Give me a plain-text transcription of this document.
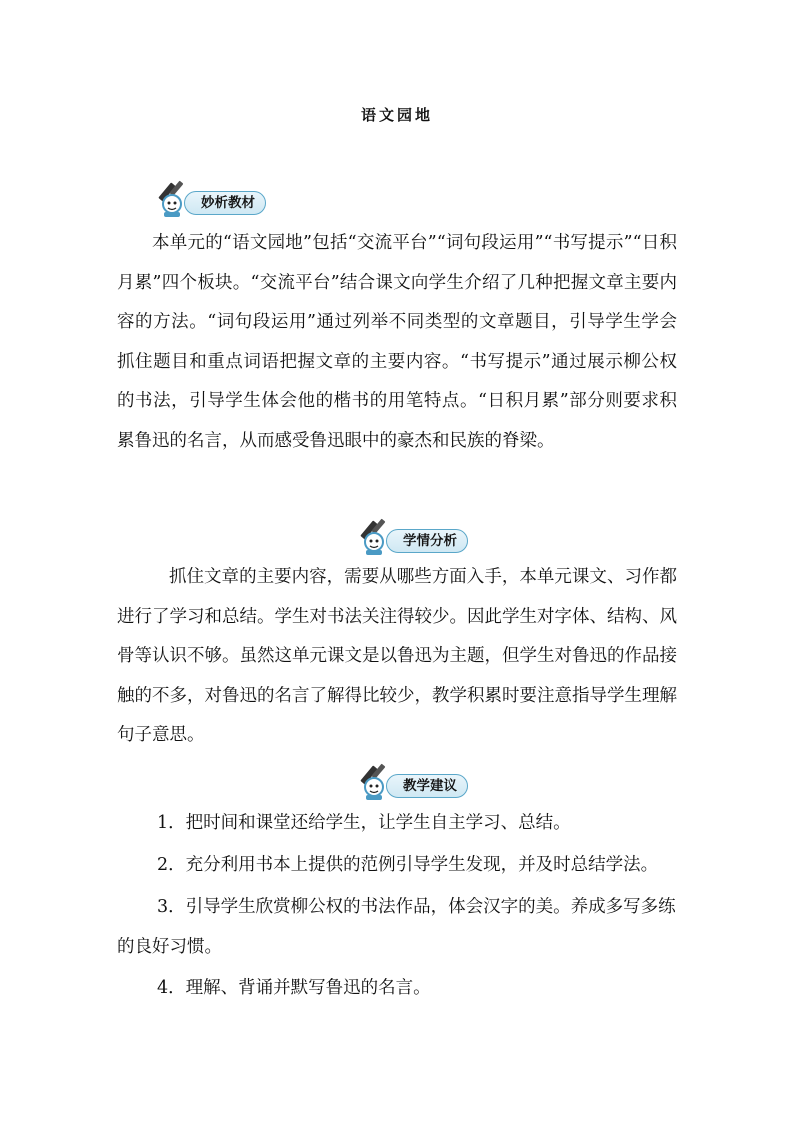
语文园地
妙析教材

本单元的“语文园地”包括“交流平台”“词句段运用”“书写提示”“日积月累”四个板块。“交流平台”结合课文向学生介绍了几种把握文章主要内容的方法。“词句段运用”通过列举不同类型的文章题目，引导学生学会抓住题目和重点词语把握文章的主要内容。“书写提示”通过展示柳公权的书法，引导学生体会他的楷书的用笔特点。“日积月累”部分则要求积累鲁迅的名言，从而感受鲁迅眼中的豪杰和民族的脊梁。

学情分析

抓住文章的主要内容，需要从哪些方面入手，本单元课文、习作都进行了学习和总结。学生对书法关注得较少。因此学生对字体、结构、风骨等认识不够。虽然这单元课文是以鲁迅为主题，但学生对鲁迅的作品接触的不多，对鲁迅的名言了解得比较少，教学积累时要注意指导学生理解句子意思。

教学建议

1．把时间和课堂还给学生，让学生自主学习、总结。

2．充分利用书本上提供的范例引导学生发现，并及时总结学法。

3．引导学生欣赏柳公权的书法作品，体会汉字的美。养成多写多练的良好习惯。

4．理解、背诵并默写鲁迅的名言。
